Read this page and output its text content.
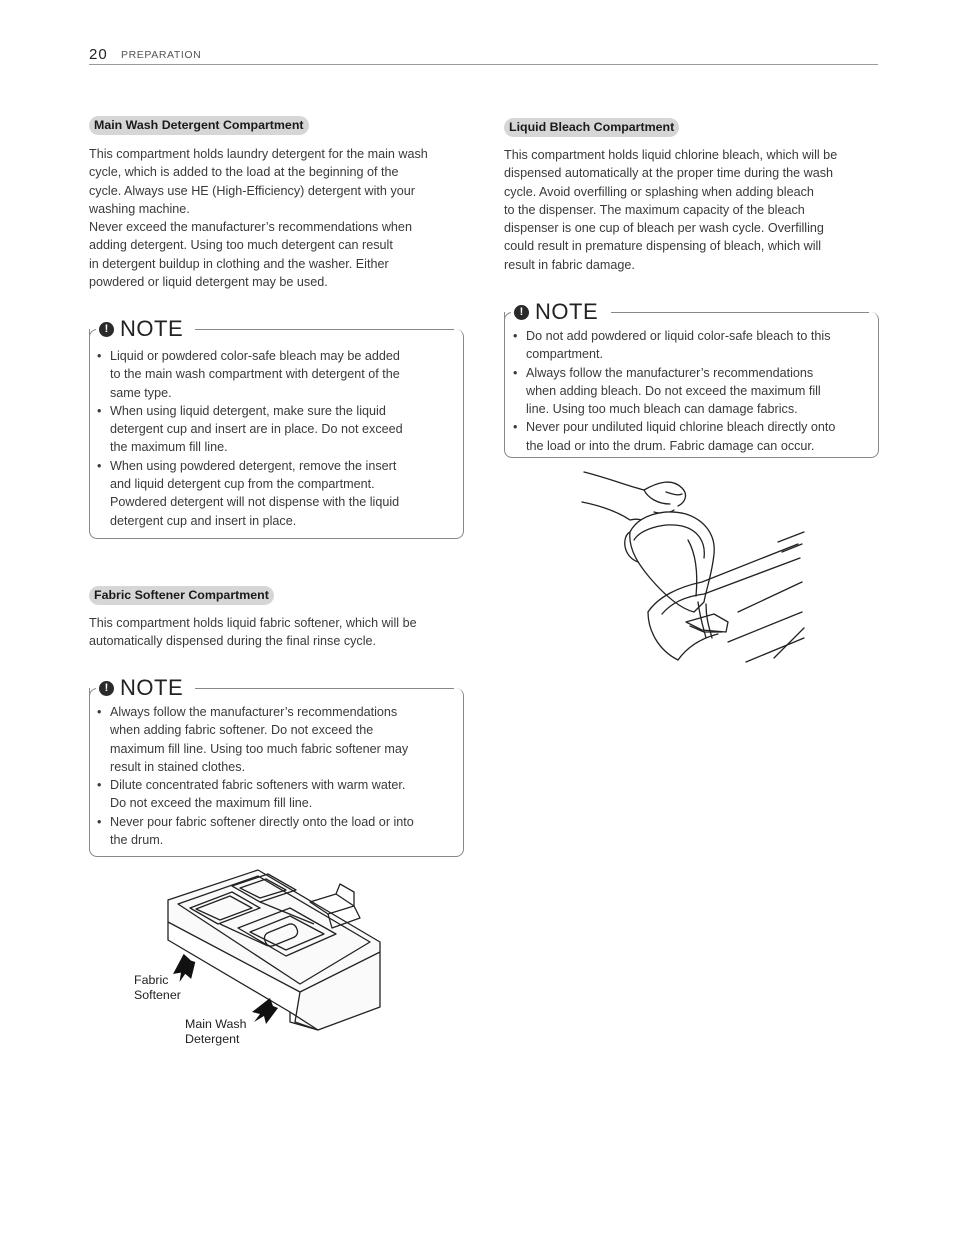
20 PREPARATION
Main Wash Detergent Compartment
This compartment holds laundry detergent for the main wash
cycle, which is added to the load at the beginning of the
cycle. Always use HE (High-Efficiency) detergent with your
washing machine.
Never exceed the manufacturer’s recommendations when
adding detergent. Using too much detergent can result
in detergent buildup in clothing and the washer. Either
powdered or liquid detergent may be used.
! NOTE
• Liquid or powdered color-safe bleach may be added
to the main wash compartment with detergent of the
same type.
• When using liquid detergent, make sure the liquid
detergent cup and insert are in place. Do not exceed
the maximum fill line.
• When using powdered detergent, remove the insert
and liquid detergent cup from the compartment.
Powdered detergent will not dispense with the liquid
detergent cup and insert in place.
Fabric Softener Compartment
This compartment holds liquid fabric softener, which will be
automatically dispensed during the final rinse cycle.
! NOTE
• Always follow the manufacturer’s recommendations
when adding fabric softener. Do not exceed the
maximum fill line. Using too much fabric softener may
result in stained clothes.
• Dilute concentrated fabric softeners with warm water.
Do not exceed the maximum fill line.
• Never pour fabric softener directly onto the load or into
the drum.
Fabric
Softener
Main Wash
Detergent
Liquid Bleach Compartment
This compartment holds liquid chlorine bleach, which will be
dispensed automatically at the proper time during the wash
cycle. Avoid overfilling or splashing when adding bleach
to the dispenser. The maximum capacity of the bleach
dispenser is one cup of bleach per wash cycle. Overfilling
could result in premature dispensing of bleach, which will
result in fabric damage.
! NOTE
• Do not add powdered or liquid color-safe bleach to this
compartment.
• Always follow the manufacturer’s recommendations
when adding bleach. Do not exceed the maximum fill
line. Using too much bleach can damage fabrics.
• Never pour undiluted liquid chlorine bleach directly onto
the load or into the drum. Fabric damage can occur.
